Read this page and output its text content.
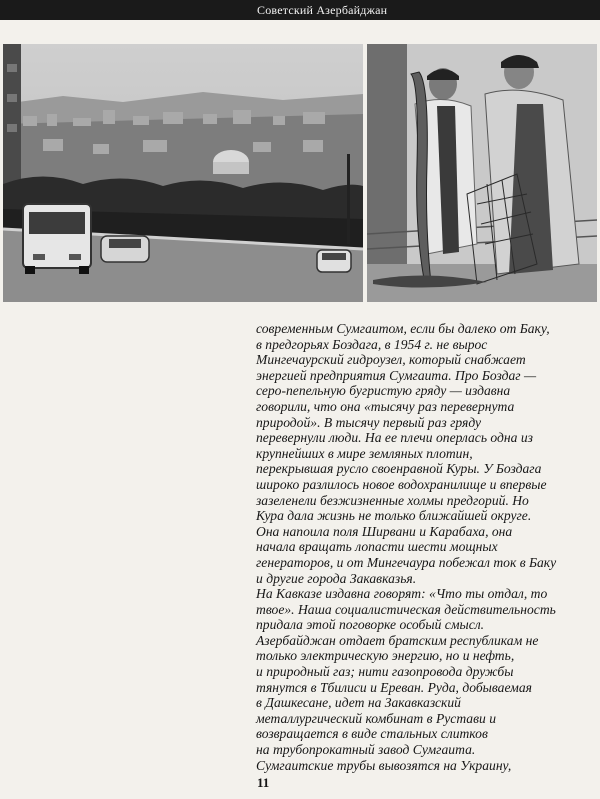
Советский Азербайджан
современным Сумгаитом, если бы далеко от Баку,
в предгорьях Боздага, в 1954 г. не вырос
Мингечаурский гидроузел, который снабжает
энергией предприятия Сумгаита. Про Боздаг —
серо-пепельную бугристую гряду — издавна
говорили, что она «тысячу раз перевернута
природой». В тысячу первый раз гряду
перевернули люди. На ее плечи оперлась одна из
крупнейших в мире земляных плотин,
перекрывшая русло своенравной Куры. У Боздага
широко разлилось новое водохранилище и впервые
зазеленели безжизненные холмы предгорий. Но
Кура дала жизнь не только ближайшей округе.
Она напоила поля Ширвани и Карабаха, она
начала вращать лопасти шести мощных
генераторов, и от Мингечаура побежал ток в Баку
и другие города Закавказья.
На Кавказе издавна говорят: «Что ты отдал, то
твое». Наша социалистическая действительность
придала этой поговорке особый смысл.
Азербайджан отдает братским республикам не
только электрическую энергию, но и нефть,
и природный газ; нити газопровода дружбы
тянутся в Тбилиси и Ереван. Руда, добываемая
в Дашкесане, идет на Закавказский
металлургический комбинат в Рустави и
возвращается в виде стальных слитков
на трубопрокатный завод Сумгаита.
Сумгаитские трубы вывозятся на Украину,
11
